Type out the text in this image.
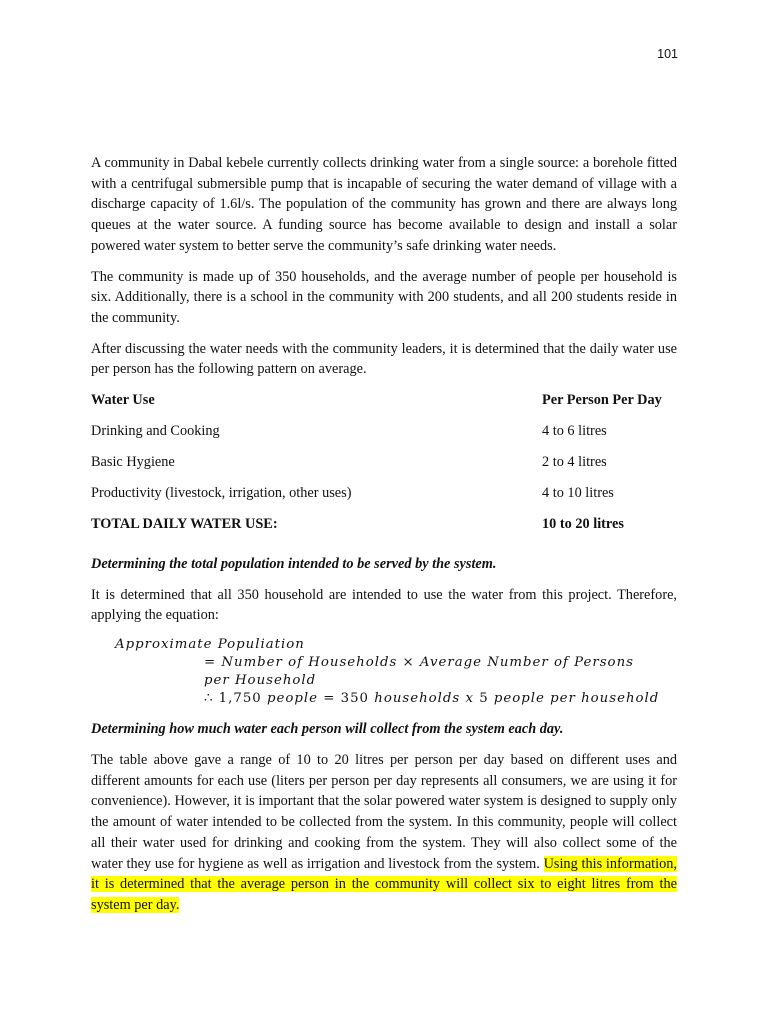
101

A community in Dabal kebele currently collects drinking water from a single source: a borehole fitted with a centrifugal submersible pump that is incapable of securing the water demand of village with a discharge capacity of 1.6l/s. The population of the community has grown and there are always long queues at the water source. A funding source has become available to design and install a solar powered water system to better serve the community’s safe drinking water needs.

The community is made up of 350 households, and the average number of people per household is six. Additionally, there is a school in the community with 200 students, and all 200 students reside in the community.

After discussing the water needs with the community leaders, it is determined that the daily water use per person has the following pattern on average.

Water Use	Per Person Per Day
Drinking and Cooking	4 to 6 litres
Basic Hygiene	2 to 4 litres
Productivity (livestock, irrigation, other uses)	4 to 10 litres
TOTAL DAILY WATER USE:	10 to 20 litres

Determining the total population intended to be served by the system.

It is determined that all 350 household are intended to use the water from this project. Therefore, applying the equation:

Approximate Populiation
= Number of Households × Average Number of Persons
per Household
∴ 1,750 people = 350 households x 5 people per household

Determining how much water each person will collect from the system each day.

The table above gave a range of 10 to 20 litres per person per day based on different uses and different amounts for each use (liters per person per day represents all consumers, we are using it for convenience). However, it is important that the solar powered water system is designed to supply only the amount of water intended to be collected from the system. In this community, people will collect all their water used for drinking and cooking from the system. They will also collect some of the water they use for hygiene as well as irrigation and livestock from the system. Using this information, it is determined that the average person in the community will collect six to eight litres from the system per day.
